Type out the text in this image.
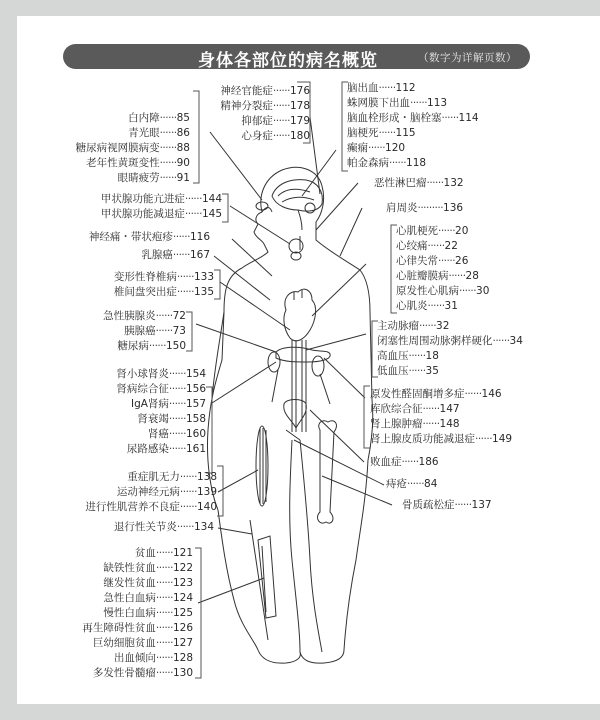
身体各部位的病名概览	（数字为详解页数）
神经官能症······176
精神分裂症······178
抑郁症······179
心身症······180
白内障······85
青光眼······86
糖尿病视网膜病变······88
老年性黄斑变性······90
眼睛疲劳······91
脑出血······112
蛛网膜下出血······113
脑血栓形成・脑栓塞······114
脑梗死······115
癫痫······120
帕金森病······118
恶性淋巴瘤······132
肩周炎·········136
甲状腺功能亢进症······144
甲状腺功能减退症······145
神经痛・带状疱疹······116
乳腺癌······167
变形性脊椎病······133
椎间盘突出症······135
心肌梗死······20
心绞痛······22
心律失常······26
心脏瓣膜病······28
原发性心肌病······30
心肌炎······31
急性胰腺炎······72
胰腺癌······73
糖尿病······150
主动脉瘤······32
闭塞性周围动脉粥样硬化······34
高血压······18
低血压······35
肾小球肾炎······154
肾病综合征······156
IgA肾病······157
肾衰竭······158
肾癌······160
尿路感染······161
原发性醛固酮增多症······146
库欣综合征······147
肾上腺肿瘤······148
肾上腺皮质功能减退症······149
败血症······186
痔疮······84
骨质疏松症······137
重症肌无力······138
运动神经元病······139
进行性肌营养不良症······140
退行性关节炎······134
贫血······121
缺铁性贫血······122
继发性贫血······123
急性白血病······124
慢性白血病······125
再生障碍性贫血······126
巨幼细胞贫血······127
出血倾向······128
多发性骨髓瘤······130
